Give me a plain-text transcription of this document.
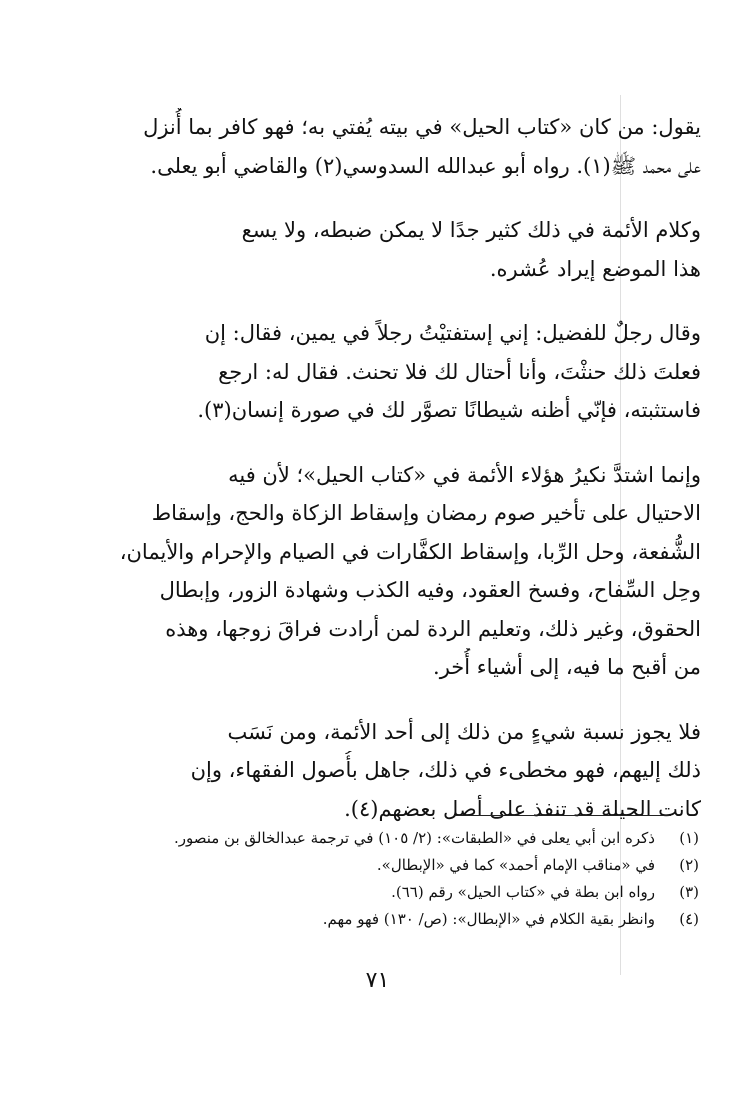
يقول: من كان «كتاب الحيل» في بيته يُفتي به؛ فهو كافر بما أُنزل
على محمد ﷺ(١). رواه أبو عبدالله السدوسي(٢) والقاضي أبو يعلى.
وكلام الأئمة في ذلك كثير جدًا لا يمكن ضبطه، ولا يسع
هذا الموضع إيراد عُشره.
وقال رجلٌ للفضيل: إني إستفتيْتُ رجلاً في يمين، فقال: إن
فعلتَ ذلك حنثْتَ، وأنا أحتال لك فلا تحنث. فقال له: ارجع
فاستثبته، فإنّي أظنه شيطانًا تصوَّر لك في صورة إنسان(٣).
وإنما اشتدَّ نكيرُ هؤلاء الأئمة في «كتاب الحيل»؛ لأن فيه
الاحتيال على تأخير صوم رمضان وإسقاط الزكاة والحج، وإسقاط
الشُّفعة، وحل الرِّبا، وإسقاط الكفَّارات في الصيام والإحرام والأيمان،
وحِل السِّفاح، وفسخ العقود، وفيه الكذب وشهادة الزور، وإبطال
الحقوق، وغير ذلك، وتعليم الردة لمن أرادت فراقَ زوجها، وهذه
من أقبح ما فيه، إلى أشياء أُخر.
فلا يجوز نسبة شيءٍ من ذلك إلى أحد الأئمة، ومن نَسَب
ذلك إليهم، فهو مخطىء في ذلك، جاهل بأُصول الفقهاء، وإن
كانت الحيلة قد تنفذ على أصل بعضهم(٤).
(١)
ذكره ابن أبي يعلى في «الطبقات»: (٢/ ١٠٥) في ترجمة عبدالخالق بن منصور.
(٢)
في «مناقب الإمام أحمد» كما في «الإبطال».
(٣)
رواه ابن بطة في «كتاب الحيل» رقم (٦٦).
(٤)
وانظر بقية الكلام في «الإبطال»: (ص/ ١٣٠) فهو مهم.
٧١
